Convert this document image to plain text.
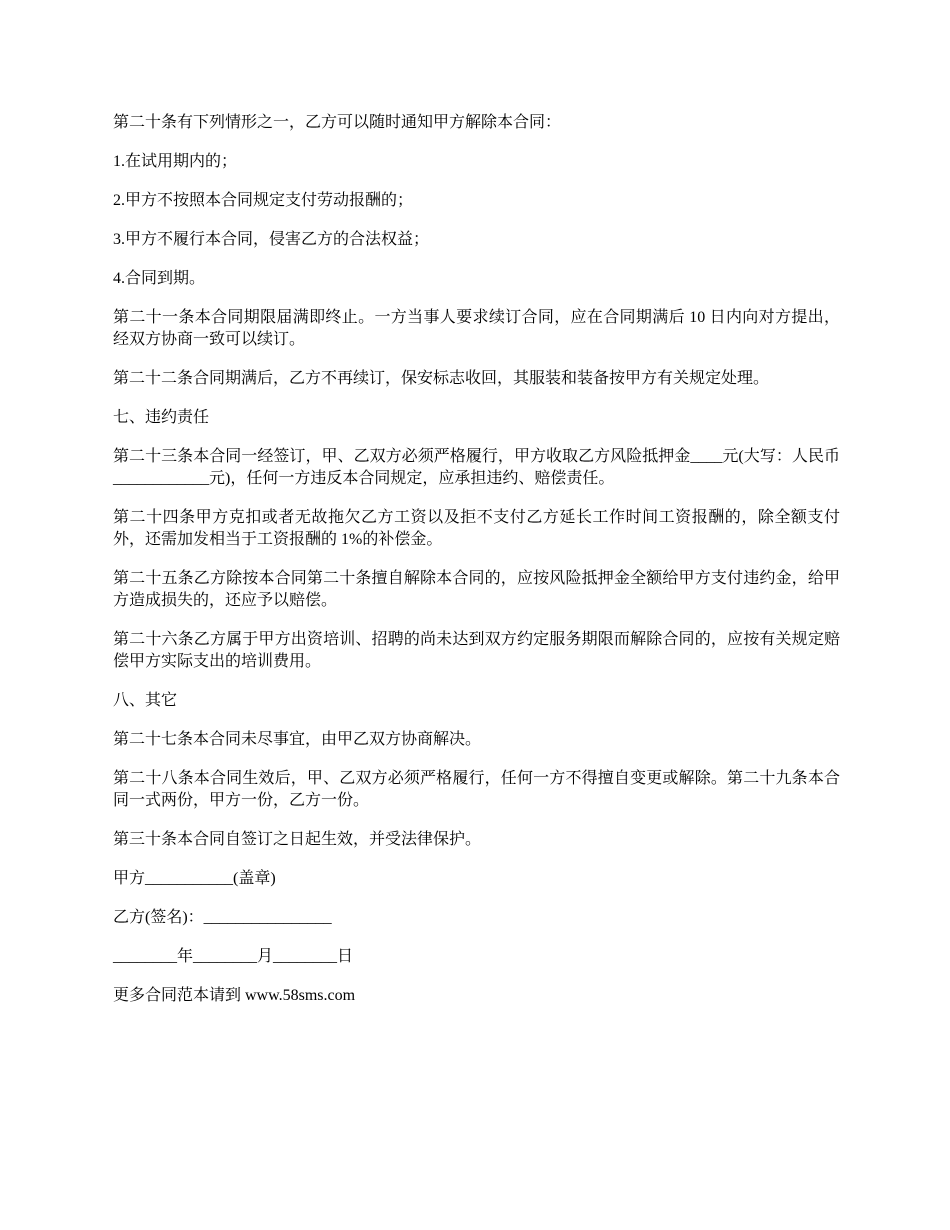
第二十条有下列情形之一，乙方可以随时通知甲方解除本合同：

1.在试用期内的；

2.甲方不按照本合同规定支付劳动报酬的；

3.甲方不履行本合同，侵害乙方的合法权益；

4.合同到期。

第二十一条本合同期限届满即终止。一方当事人要求续订合同，应在合同期满后 10 日内向对方提出，经双方协商一致可以续订。

第二十二条合同期满后，乙方不再续订，保安标志收回，其服装和装备按甲方有关规定处理。

七、违约责任

第二十三条本合同一经签订，甲、乙双方必须严格履行，甲方收取乙方风险抵押金____元(大写：人民币____________元)，任何一方违反本合同规定，应承担违约、赔偿责任。

第二十四条甲方克扣或者无故拖欠乙方工资以及拒不支付乙方延长工作时间工资报酬的，除全额支付外，还需加发相当于工资报酬的 1%的补偿金。

第二十五条乙方除按本合同第二十条擅自解除本合同的，应按风险抵押金全额给甲方支付违约金，给甲方造成损失的，还应予以赔偿。

第二十六条乙方属于甲方出资培训、招聘的尚未达到双方约定服务期限而解除合同的，应按有关规定赔偿甲方实际支出的培训费用。

八、其它

第二十七条本合同未尽事宜，由甲乙双方协商解决。

第二十八条本合同生效后，甲、乙双方必须严格履行，任何一方不得擅自变更或解除。第二十九条本合同一式两份，甲方一份，乙方一份。

第三十条本合同自签订之日起生效，并受法律保护。

甲方___________(盖章)

乙方(签名)：________________

________年________月________日

更多合同范本请到 www.58sms.com
